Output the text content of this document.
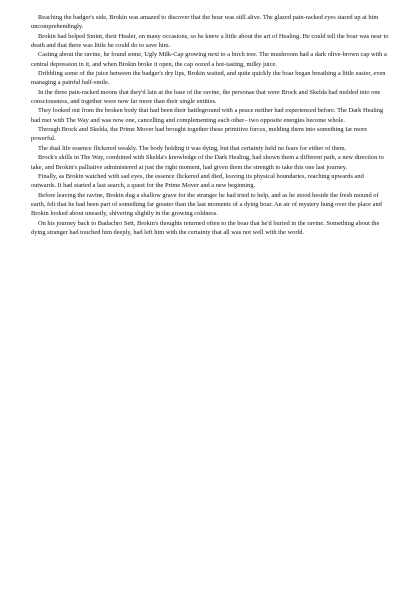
Reaching the badger's side, Brokin was amazed to discover that the boar was still alive. The glazed pain-racked eyes stared up at him uncomprehendingly.

Brokin had helped Smint, their Healer, on many occasions, so he knew a little about the art of Healing. He could tell the boar was near to death and that there was little he could do to save him.

Casting about the ravine, he found some, Ugly Milk-Cap growing next to a birch tree. The mushroom had a dark olive-brown cap with a central depression in it, and when Brokin broke it open, the cap oozed a hot-tasting, milky juice.

Dribbling some of the juice between the badger's dry lips, Brokin waited, and quite quickly the boar began breathing a little easier, even managing a painful half-smile.

In the three pain-racked moons that they'd lain at the base of the ravine, the personae that were Brock and Skelda had melded into one consciousness, and together were now far more than their single entities.

They looked out from the broken body that had been their battleground with a peace neither had experienced before. The Dark Healing had met with The Way and was now one, cancelling and complementing each other– two opposite energies become whole.

Through Brock and Skelda, the Prime Mover had brought together these primitive forces, melding them into something far more powerful.

The dual life essence flickered weakly. The body holding it was dying, but that certainty held no fears for either of them.

Brock's skills in The Way, combined with Skelda's knowledge of the Dark Healing, had shown them a different path, a new direction to take, and Brokin's palliative administered at just the right moment, had given them the strength to take this one last journey.

Finally, as Brokin watched with sad eyes, the essence flickered and died, leaving its physical boundaries, reaching upwards and outwards. It had started a last search, a quest for the Prime Mover and a new beginning.

Before leaving the ravine, Brokin dug a shallow grave for the stranger he had tried to help, and as he stood beside the fresh mound of earth, felt that he had been part of something far greater than the last moments of a dying boar. An air of mystery hung over the place and Brokin looked about uneasily, shivering slightly in the growing coldness.

On his journey back to Badachro Sett, Brokin's thoughts returned often to the boar that he'd buried in the ravine. Something about the dying stranger had touched him deeply, had left him with the certainty that all was not well with the world.
